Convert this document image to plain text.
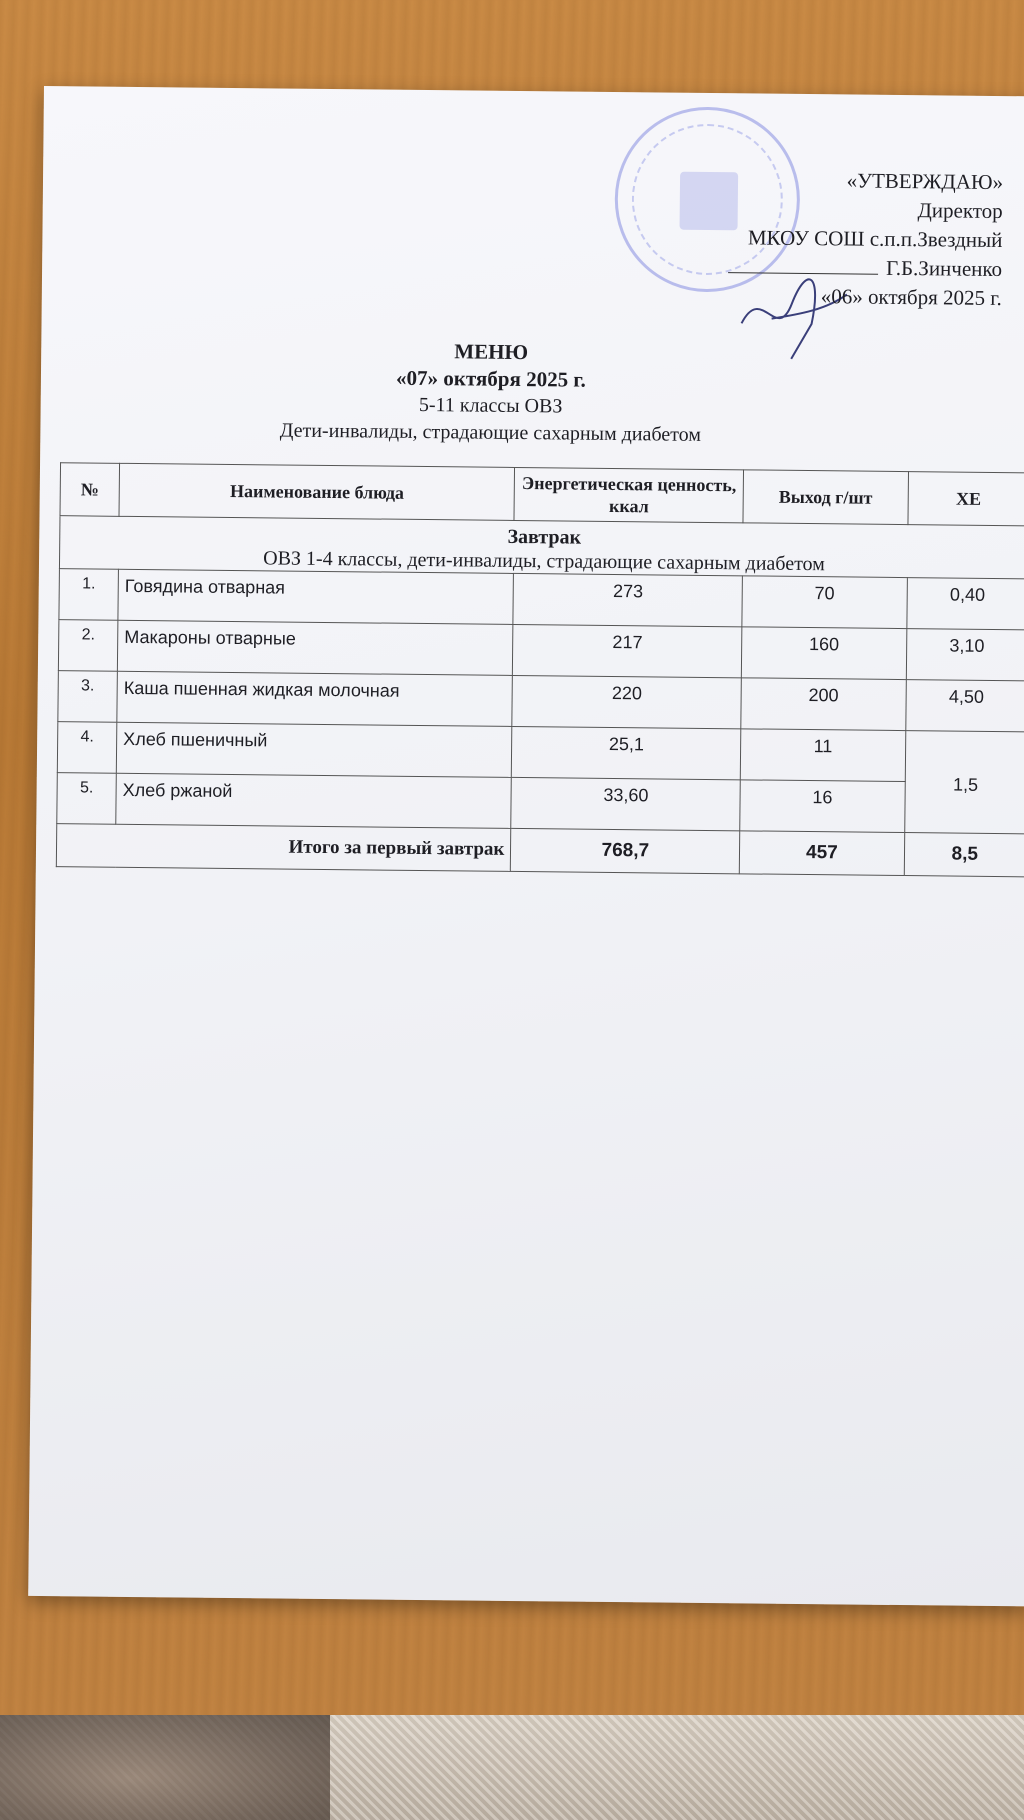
«УТВЕРЖДАЮ»
Директор
МКОУ СОШ с.п.п.Звездный
Г.Б.Зинченко
«06» октября 2025 г.
МЕНЮ
«07» октября 2025 г.
5-11 классы ОВЗ
Дети-инвалиды, страдающие сахарным диабетом
№	Наименование блюда	Энергетическая ценность, ккал	Выход г/шт	ХЕ

Завтрак
ОВЗ 1-4 классы, дети-инвалиды, страдающие сахарным диабетом				

1.	Говядина отварная	273	70	0,40
2.	Макароны отварные	217	160	3,10
3.	Каша пшенная жидкая молочная	220	200	4,50
4.	Хлеб пшеничный	25,1	11	1,5
5.	Хлеб ржаной	33,60	16	
Итого за первый завтрак		768,7	457	8,5
